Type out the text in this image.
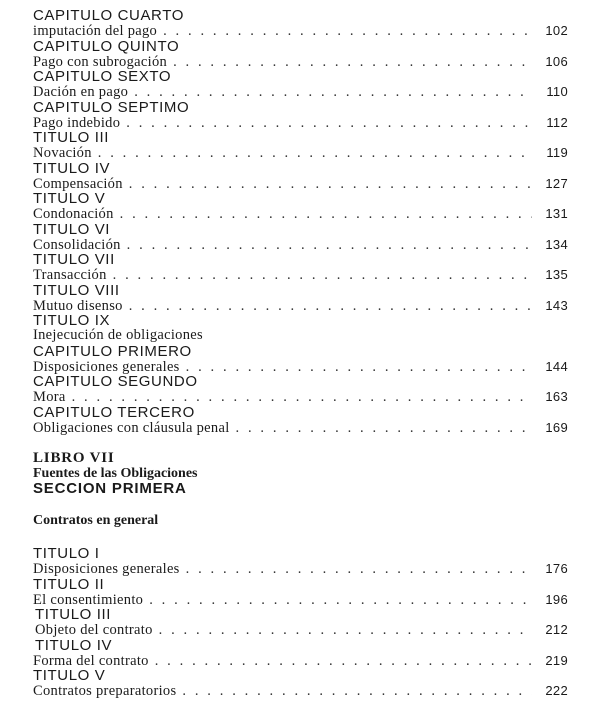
CAPITULO CUARTO
imputación del pago . . .	102
CAPITULO QUINTO
Pago con subrogación . . .	106
CAPITULO SEXTO
Dación en pago . . .	110
CAPITULO SEPTIMO
Pago indebido . . .	112
TITULO III
Novación . . .	119
TITULO IV
Compensación . . .	127
TITULO V
Condonación . . .	131
TITULO VI
Consolidación . . .	134
TITULO VII
Transacción . . .	135
TITULO VIII
Mutuo disenso . . .	143
TITULO IX
Inejecución de obligaciones
CAPITULO PRIMERO
Disposiciones generales . . .	144
CAPITULO SEGUNDO
Mora . . .	163
CAPITULO TERCERO
Obligaciones con cláusula penal . . .	169
LIBRO VII
Fuentes de las Obligaciones
SECCION PRIMERA
Contratos en general
TITULO I
Disposiciones generales . . .	176
TITULO II
El consentimiento . . .	196
TITULO III
Objeto del contrato . . .	212
TITULO IV
Forma del contrato . . .	219
TITULO V
Contratos preparatorios . . .	222
